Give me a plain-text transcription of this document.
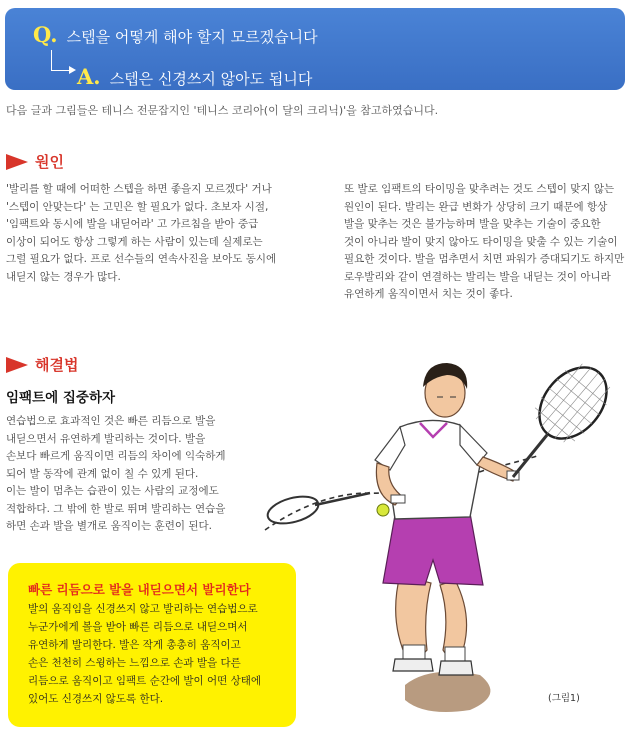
Q. 스텝을 어떻게 해야 할지 모르겠습니다
A. 스텝은 신경쓰지 않아도 됩니다
다음 글과 그림들은 테니스 전문잡지인 '테니스 코리아(이 달의 크리닉)'을 참고하였습니다.
원인
'발리를 할 때에 어떠한 스텝을 하면 좋을지 모르겠다' 거나
'스텝이 안맞는다' 는 고민은 할 필요가 없다. 초보자 시절,
'임팩트와 동시에 발을 내딛어라' 고 가르침을 받아 중급
이상이 되어도 항상 그렇게 하는 사람이 있는데 실제로는
그럴 필요가 없다. 프로 선수들의 연속사진을 보아도 동시에
내딛지 않는 경우가 많다.
또 발로 임팩트의 타이밍을 맞추려는 것도 스텝이 맞지 않는
원인이 된다. 발리는 완급 변화가 상당히 크기 때문에 항상
발을 맞추는 것은 불가능하며 발을 맞추는 기술이 중요한
것이 아니라 발이 맞지 않아도 타이밍을 맞출 수 있는 기술이
필요한 것이다. 발을 멈추면서 치면 파워가 증대되기도 하지만
로우발리와 같이 연결하는 발리는 발을 내딛는 것이 아니라
유연하게 움직이면서 치는 것이 좋다.
해결법
임팩트에 집중하자
연습법으로 효과적인 것은 빠른 리듬으로 발을
내딛으면서 유연하게 발리하는 것이다. 발을
손보다 빠르게 움직이면 리듬의 차이에 익숙하게
되어 발 동작에 관계 없이 칠 수 있게 된다.
이는 발이 멈추는 습관이 있는 사람의 교정에도
적합하다. 그 밖에 한 발로 뛰며 발리하는 연습을
하면 손과 발을 별개로 움직이는 훈련이 된다.
빠른 리듬으로 발을 내딛으면서 발리한다
발의 움직임을 신경쓰지 않고 발리하는 연습법으로
누군가에게 볼을 받아 빠른 리듬으로 내딛으며서
유연하게 발리한다. 발은 작게 총총히 움직이고
손은 천천히 스윙하는 느낌으로 손과 발을 다른
리듬으로 움직이고 임팩트 순간에 발이 어떤 상태에
있어도 신경쓰지 않도록 한다.	(그림1)
